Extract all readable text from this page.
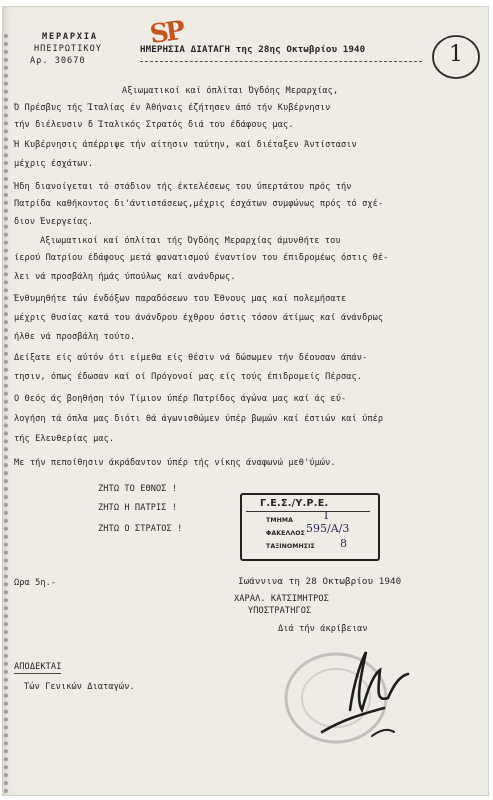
ΜΕΡΑΡΧΙΑ
ΗΠΕΙΡΩΤΙΚΟΥ
Αρ. 30670
ΗΜΕΡΗΣΙΑ ΔΙΑΤΑΓΗ της 28ης Οκτωβρίου 1940
SP
1
Αξιωματικοί καί όπλίται Όγδόης Μεραρχίας,
Ό Πρέσβυς τής Ίταλίας έν Άθήναις έζήτησεν άπό τήν Κυβέρνησιν
τήν διέλευσιν δ Ίταλικός Στρατός διά του έδάφους μας.
Ή Κυβέρνησις άπέρριψε τήν αίτησιν ταύτην, καί διέταξεν Άντίστασιν
μέχρις έσχάτων.
Ήδη διανοίγεται τό στάδιον τής έκτελέσεως του ύπερτάτου πρός τήν
Πατρίδα καθήκοντος δι'άντιστάσεως,μέχρις έσχάτων συμφώνως πρός τό σχέ-
διον Ένεργείας.
Αξιωματικοί καί όπλίται τής Όγδόης Μεραρχίας άμυνθήτε του
ίερού Πατρίου έδάφους μετά φανατισμού έναντίον του έπιδρομέως όστις θέ-
λει νά προσβάλη ήμάς ύπούλως καί ανάνδρως.
Ένθυμηθήτε τών ένδόξων παραδόσεων του Έθνους μας καί πολεμήσατε
μέχρις θυσίας κατά του άνάνδρου έχθρου όστις τόσον άτίμως καί άνάνδρως
ήλθε νά προσβάλη τούτο.
Δείξατε είς αύτόν ότι είμεθα είς θέσιν νά δώσωμεν τήν δέουσαν άπάν-
τησιν, όπως έδωσαν καί οί Πρόγονοί μας είς τούς έπιδρομείς Πέρσας.
Ο Θεός άς βοηθήση τόν Τίμιον ύπέρ Πατρίδος άγώνα μας καί άς εύ-
λογήση τά όπλα μας διότι θά άγωνισθώμεν ύπέρ βωμών καί έστιών καί ύπέρ
τής Ελευθερίας μας.
Με τήν πεποίθησιν άκράδαντον ύπέρ τής νίκης άναφωνώ μεθ'ύμών.
ΖΗΤΩ ΤΟ ΕΘΝΟΣ !
ΖΗΤΩ Η ΠΑΤΡΙΣ !
ΖΗΤΩ Ο ΣΤΡΑΤΟΣ !
Γ.Ε.Σ./Υ.Ρ.Ε.
ΤΜΗΜΑ	Ι
ΦΑΚΕΛΛΟΣ 595/Α/3
ΤΑΞΙΝΟΜΗΣΙΣ 8
Ωρα 5η.-	Ιωάννινα τη 28 Οκτωβρίου 1940
ΧΑΡΑΛ. ΚΑΤΣΙΜΗΤΡΟΣ
ΥΠΟΣΤΡΑΤΗΓΟΣ
Διά τήν άκρίβειαν
ΑΠΟΔΕΚΤΑΙ
Τών Γενικών Διαταγών.
